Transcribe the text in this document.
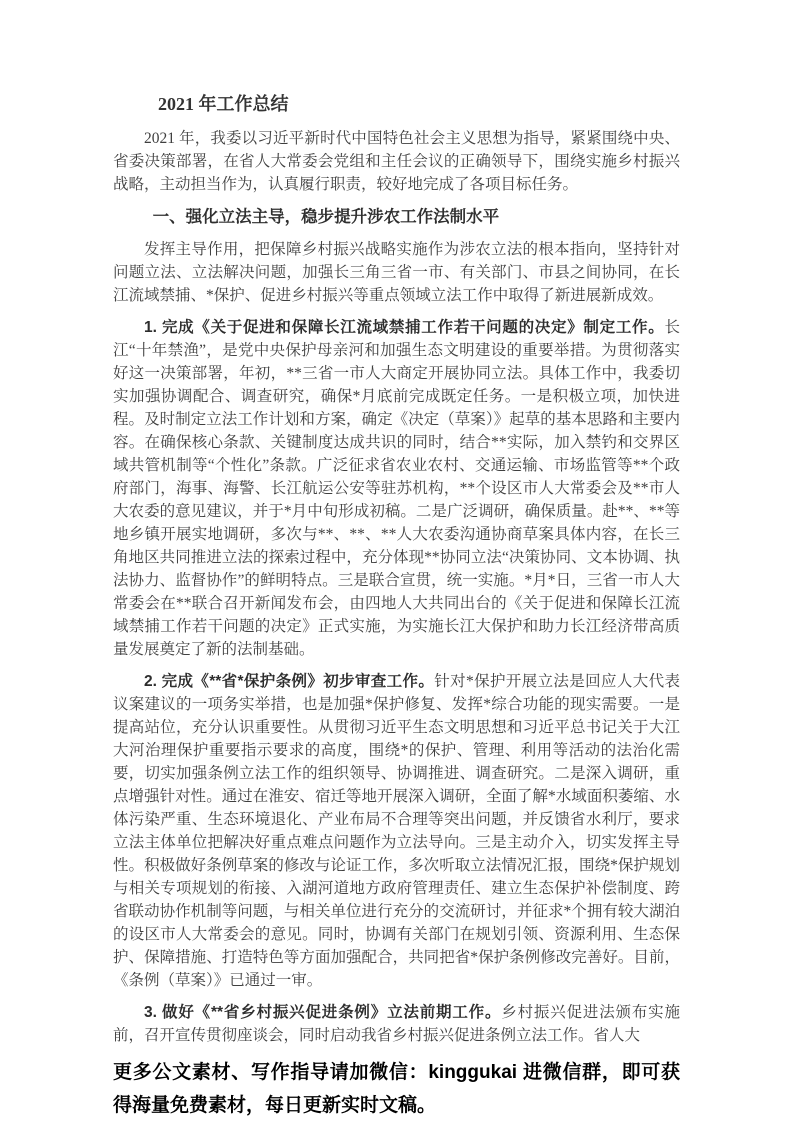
2021 年工作总结

2021 年，我委以习近平新时代中国特色社会主义思想为指导，紧紧围绕中央、省委决策部署，在省人大常委会党组和主任会议的正确领导下，围绕实施乡村振兴战略，主动担当作为，认真履行职责，较好地完成了各项目标任务。

一、强化立法主导，稳步提升涉农工作法制水平

发挥主导作用，把保障乡村振兴战略实施作为涉农立法的根本指向，坚持针对问题立法、立法解决问题，加强长三角三省一市、有关部门、市县之间协同，在长江流域禁捕、*保护、促进乡村振兴等重点领域立法工作中取得了新进展新成效。

1. 完成《关于促进和保障长江流域禁捕工作若干问题的决定》制定工作。长江“十年禁渔”，是党中央保护母亲河和加强生态文明建设的重要举措。为贯彻落实好这一决策部署，年初，**三省一市人大商定开展协同立法。具体工作中，我委切实加强协调配合、调查研究，确保*月底前完成既定任务。一是积极立项，加快进程。及时制定立法工作计划和方案，确定《决定（草案）》起草的基本思路和主要内容。在确保核心条款、关键制度达成共识的同时，结合**实际，加入禁钓和交界区域共管机制等“个性化”条款。广泛征求省农业农村、交通运输、市场监管等**个政府部门，海事、海警、长江航运公安等驻苏机构，**个设区市人大常委会及**市人大农委的意见建议，并于*月中旬形成初稿。二是广泛调研，确保质量。赴**、**等地乡镇开展实地调研，多次与**、**、**人大农委沟通协商草案具体内容，在长三角地区共同推进立法的探索过程中，充分体现**协同立法“决策协同、文本协调、执法协力、监督协作”的鲜明特点。三是联合宣贯，统一实施。*月*日，三省一市人大常委会在**联合召开新闻发布会，由四地人大共同出台的《关于促进和保障长江流域禁捕工作若干问题的决定》正式实施，为实施长江大保护和助力长江经济带高质量发展奠定了新的法制基础。

2. 完成《**省*保护条例》初步审查工作。针对*保护开展立法是回应人大代表议案建议的一项务实举措，也是加强*保护修复、发挥*综合功能的现实需要。一是提高站位，充分认识重要性。从贯彻习近平生态文明思想和习近平总书记关于大江大河治理保护重要指示要求的高度，围绕*的保护、管理、利用等活动的法治化需要，切实加强条例立法工作的组织领导、协调推进、调查研究。二是深入调研，重点增强针对性。通过在淮安、宿迁等地开展深入调研，全面了解*水域面积萎缩、水体污染严重、生态环境退化、产业布局不合理等突出问题，并反馈省水利厅，要求立法主体单位把解决好重点难点问题作为立法导向。三是主动介入，切实发挥主导性。积极做好条例草案的修改与论证工作，多次听取立法情况汇报，围绕*保护规划与相关专项规划的衔接、入湖河道地方政府管理责任、建立生态保护补偿制度、跨省联动协作机制等问题，与相关单位进行充分的交流研讨，并征求*个拥有较大湖泊的设区市人大常委会的意见。同时，协调有关部门在规划引领、资源利用、生态保护、保障措施、打造特色等方面加强配合，共同把省*保护条例修改完善好。目前，《条例（草案）》已通过一审。

3. 做好《**省乡村振兴促进条例》立法前期工作。乡村振兴促进法颁布实施前，召开宣传贯彻座谈会，同时启动我省乡村振兴促进条例立法工作。省人大

更多公文素材、写作指导请加微信：kinggukai 进微信群，即可获得海量免费素材，每日更新实时文稿。
